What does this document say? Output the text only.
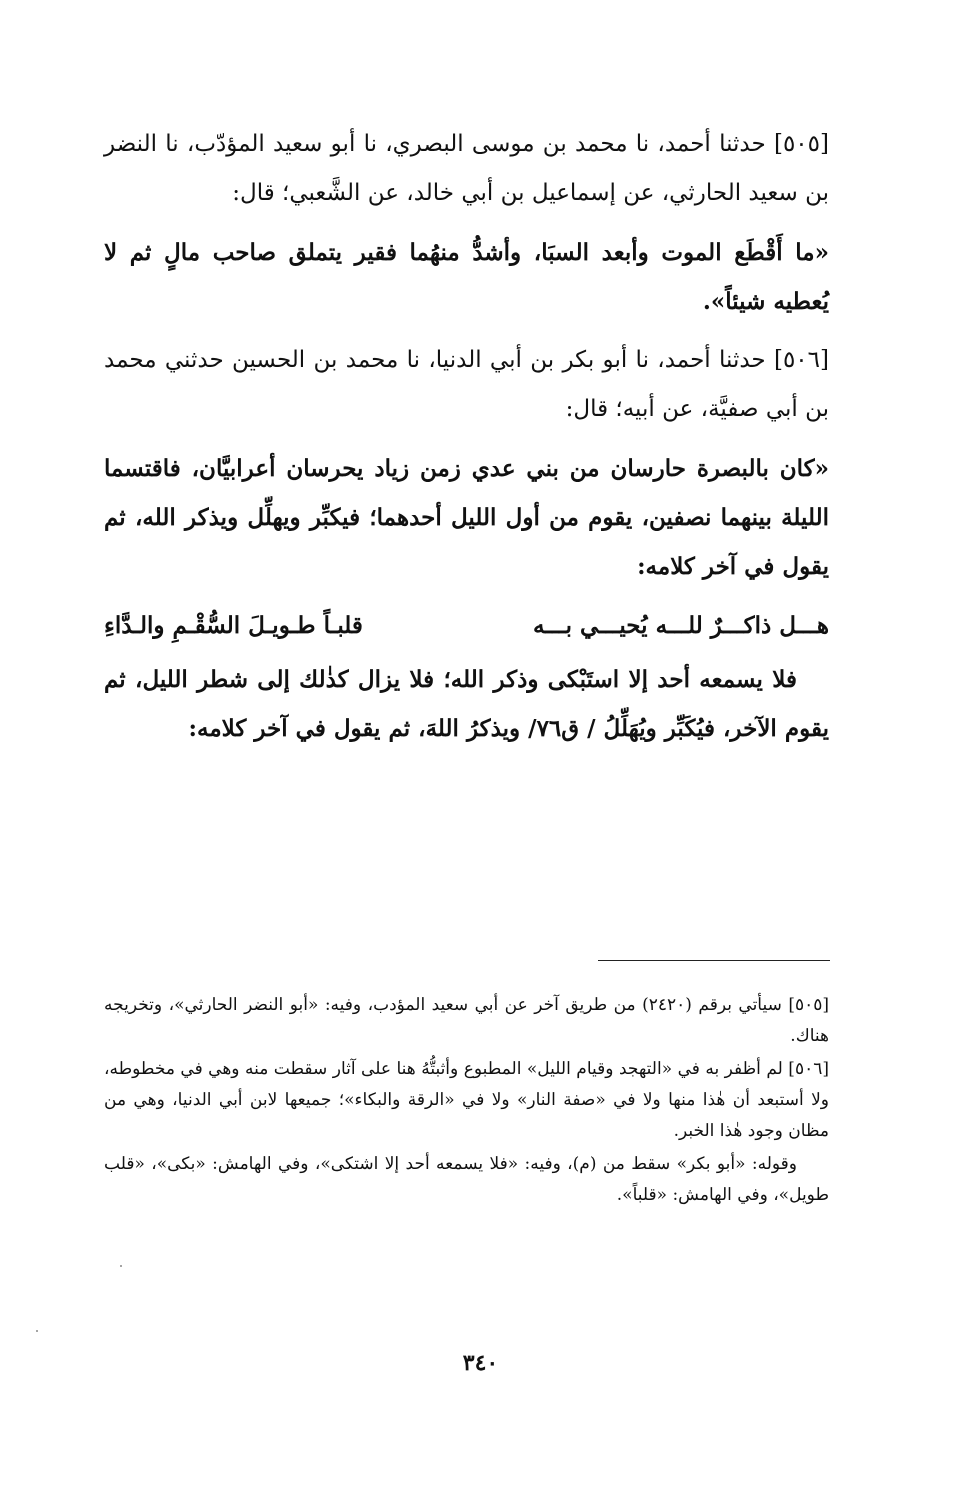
[٥٠٥] حدثنا أحمد، نا محمد بن موسى البصري، نا أبو سعيد المؤدّب، نا النضر بن سعيد الحارثي، عن إسماعيل بن أبي خالد، عن الشَّعبي؛ قال:

«ما أَقْطَع الموت وأبعد السبَا، وأشدُّ منهُما فقير يتملق صاحب مالٍ ثم لا يُعطيه شيئاً».

[٥٠٦] حدثنا أحمد، نا أبو بكر بن أبي الدنيا، نا محمد بن الحسين حدثني محمد بن أبي صفيَّة، عن أبيه؛ قال:

«كان بالبصرة حارسان من بني عدي زمن زياد يحرسان أعرابيَّان، فاقتسما الليلة بينهما نصفين، يقوم من أول الليل أحدهما؛ فيكبِّر ويهلِّل ويذكر الله، ثم يقول في آخر كلامه:

هـــل ذاكـــرٌ للـــه يُحيـــي بـــه
قلبـاً طـويـلَ السُّقْـمِ والـدَّاءِ

فلا يسمعه أحد إلا استَبْكى وذكر الله؛ فلا يزال كذٰلك إلى شطر الليل، ثم يقوم الآخر، فيُكَبِّر ويُهَلِّلُ / ق٧٦/ ويذكرُ اللهَ، ثم يقول في آخر كلامه:

[٥٠٥] سيأتي برقم (٢٤٢٠) من طريق آخر عن أبي سعيد المؤدب، وفيه: «أبو النضر الحارثي»، وتخريجه هناك.

[٥٠٦] لم أظفر به في «التهجد وقيام الليل» المطبوع وأثبتُّهُ هنا على آثار سقطت منه وهي في مخطوطه، ولا أستبعد أن هٰذا منها ولا في «صفة النار» ولا في «الرقة والبكاء»؛ جميعها لابن أبي الدنيا، وهي من مظان وجود هٰذا الخبر.

وقوله: «أبو بكر» سقط من (م)، وفيه: «فلا يسمعه أحد إلا اشتكى»، وفي الهامش: «بكى»، «قلب طويل»، وفي الهامش: «قلباً».

٣٤٠
